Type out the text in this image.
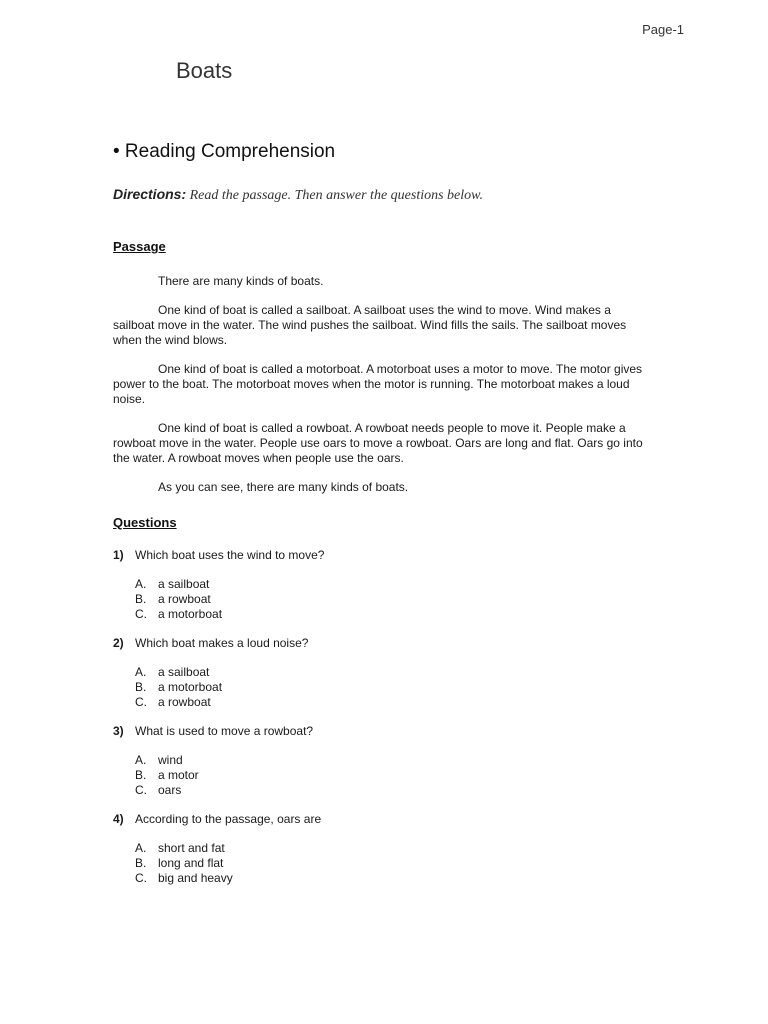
Page-1
Boats
• Reading Comprehension
Directions: Read the passage. Then answer the questions below.
Passage

There are many kinds of boats.

One kind of boat is called a sailboat. A sailboat uses the wind to move. Wind makes a sailboat move in the water. The wind pushes the sailboat. Wind fills the sails. The sailboat moves when the wind blows.

One kind of boat is called a motorboat. A motorboat uses a motor to move. The motor gives power to the boat. The motorboat moves when the motor is running. The motorboat makes a loud noise.

One kind of boat is called a rowboat. A rowboat needs people to move it. People make a rowboat move in the water. People use oars to move a rowboat. Oars are long and flat. Oars go into the water. A rowboat moves when people use the oars.

As you can see, there are many kinds of boats.

Questions
1) Which boat uses the wind to move?
A. a sailboat
B. a rowboat
C. a motorboat
2) Which boat makes a loud noise?
A. a sailboat
B. a motorboat
C. a rowboat
3) What is used to move a rowboat?
A. wind
B. a motor
C. oars
4) According to the passage, oars are
A. short and fat
B. long and flat
C. big and heavy
